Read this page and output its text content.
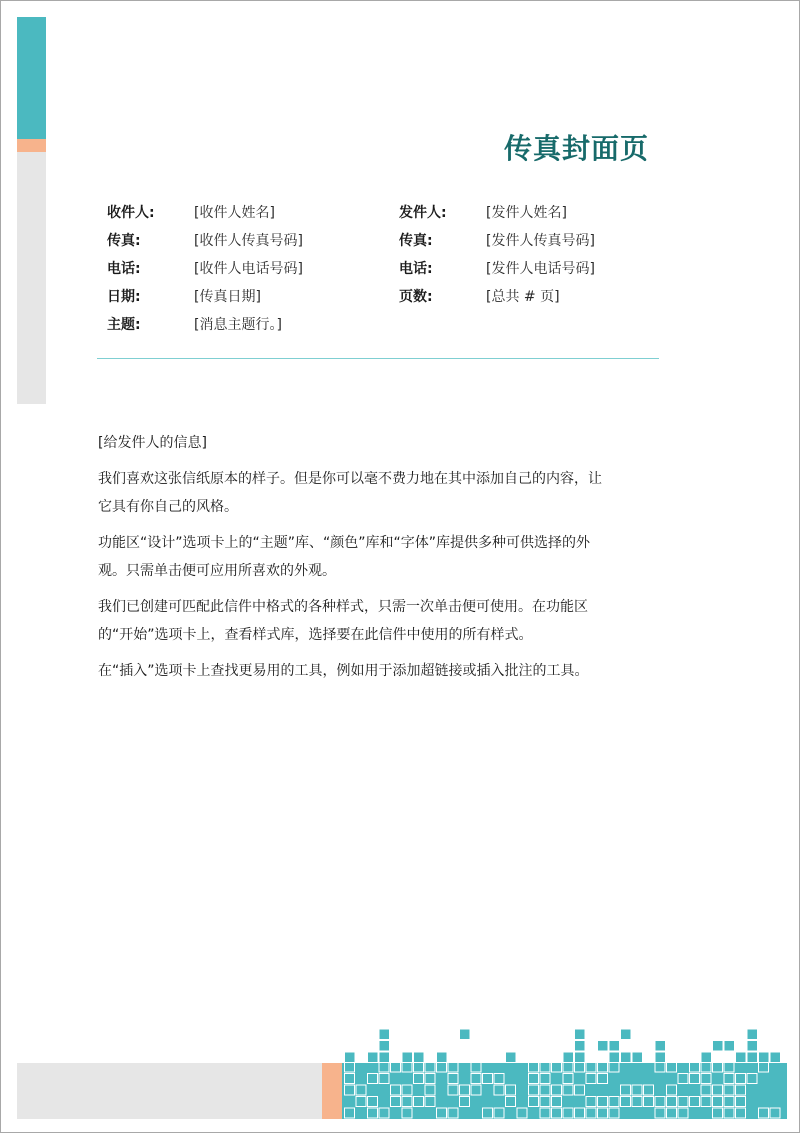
传真封面页
收件人:	[收件人姓名]
传真:	[收件人传真号码]
电话:	[收件人电话号码]
日期:	[传真日期]
主题:	[消息主题行。]
发件人:	[发件人姓名]
传真:	[发件人传真号码]
电话:	[发件人电话号码]
页数:	[总共 # 页]

[给发件人的信息]

我们喜欢这张信纸原本的样子。但是你可以毫不费力地在其中添加自己的内容，让它具有你自己的风格。

功能区“设计”选项卡上的“主题”库、“颜色”库和“字体”库提供多种可供选择的外观。只需单击便可应用所喜欢的外观。

我们已创建可匹配此信件中格式的各种样式，只需一次单击便可使用。在功能区的“开始”选项卡上，查看样式库，选择要在此信件中使用的所有样式。

在“插入”选项卡上查找更易用的工具，例如用于添加超链接或插入批注的工具。
